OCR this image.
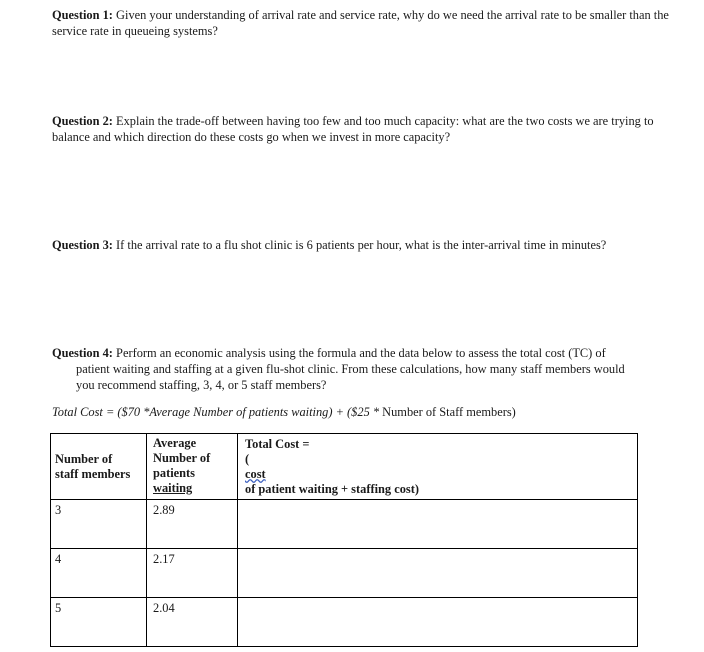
Question 1: Given your understanding of arrival rate and service rate, why do we need the arrival rate to be smaller than the service rate in queueing systems?
Question 2: Explain the trade-off between having too few and too much capacity: what are the two costs we are trying to balance and which direction do these costs go when we invest in more capacity?
Question 3: If the arrival rate to a flu shot clinic is 6 patients per hour, what is the inter-arrival time in minutes?
Question 4: Perform an economic analysis using the formula and the data below to assess the total cost (TC) of
patient waiting and staffing at a given flu-shot clinic. From these calculations, how many staff members would
you recommend staffing, 3, 4, or 5 staff members?
Total Cost = ($70 *Average Number of patients waiting) + ($25 * Number of Staff members)
Number of
staff members	Average
Number of
patients
waiting	Total Cost =
(
cost
of patient waiting + staffing cost)

3	2.89	
4	2.17	
5	2.04	
